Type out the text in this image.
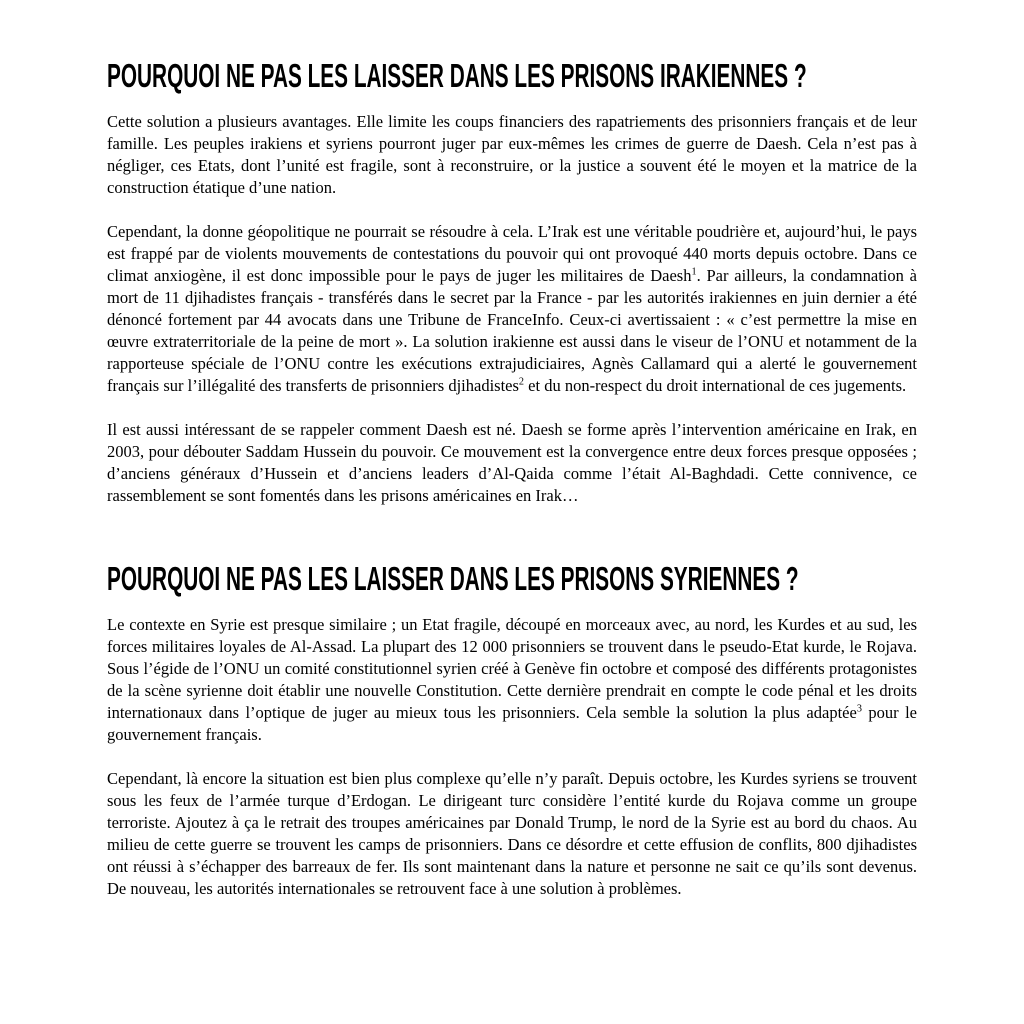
POURQUOI NE PAS LES LAISSER DANS LES PRISONS IRAKIENNES ?

Cette solution a plusieurs avantages. Elle limite les coups financiers des rapatriements des prisonniers français et de leur famille. Les peuples irakiens et syriens pourront juger par eux-mêmes les crimes de guerre de Daesh. Cela n’est pas à négliger, ces Etats, dont l’unité est fragile, sont à reconstruire, or la justice a souvent été le moyen et la matrice de la construction étatique d’une nation.

Cependant, la donne géopolitique ne pourrait se résoudre à cela. L’Irak est une véritable poudrière et, aujourd’hui, le pays est frappé par de violents mouvements de contestations du pouvoir qui ont provoqué 440 morts depuis octobre. Dans ce climat anxiogène, il est donc impossible pour le pays de juger les militaires de Daesh$^1$. Par ailleurs, la condamnation à mort de 11 djihadistes français - transférés dans le secret par la France - par les autorités irakiennes en juin dernier a été dénoncé fortement par 44 avocats dans une Tribune de FranceInfo. Ceux-ci avertissaient : « c’est permettre la mise en œuvre extraterritoriale de la peine de mort ». La solution irakienne est aussi dans le viseur de l’ONU et notamment de la rapporteuse spéciale de l’ONU contre les exécutions extrajudiciaires, Agnès Callamard qui a alerté le gouvernement français sur l’illégalité des transferts de prisonniers djihadistes$^2$ et du non-respect du droit international de ces jugements.

Il est aussi intéressant de se rappeler comment Daesh est né. Daesh se forme après l’intervention américaine en Irak, en 2003, pour débouter Saddam Hussein du pouvoir. Ce mouvement est la convergence entre deux forces presque opposées ; d’anciens généraux d’Hussein et d’anciens leaders d’Al-Qaida comme l’était Al-Baghdadi. Cette connivence, ce rassemblement se sont fomentés dans les prisons américaines en Irak…

POURQUOI NE PAS LES LAISSER DANS LES PRISONS SYRIENNES ?

Le contexte en Syrie est presque similaire ; un Etat fragile, découpé en morceaux avec, au nord, les Kurdes et au sud, les forces militaires loyales de Al-Assad. La plupart des 12 000 prisonniers se trouvent dans le pseudo-Etat kurde, le Rojava. Sous l’égide de l’ONU un comité constitutionnel syrien créé à Genève fin octobre et composé des différents protagonistes de la scène syrienne doit établir une nouvelle Constitution. Cette dernière prendrait en compte le code pénal et les droits internationaux dans l’optique de juger au mieux tous les prisonniers. Cela semble la solution la plus adaptée$^3$ pour le gouvernement français.

Cependant, là encore la situation est bien plus complexe qu’elle n’y paraît. Depuis octobre, les Kurdes syriens se trouvent sous les feux de l’armée turque d’Erdogan. Le dirigeant turc considère l’entité kurde du Rojava comme un groupe terroriste. Ajoutez à ça le retrait des troupes américaines par Donald Trump, le nord de la Syrie est au bord du chaos. Au milieu de cette guerre se trouvent les camps de prisonniers. Dans ce désordre et cette effusion de conflits, 800 djihadistes ont réussi à s’échapper des barreaux de fer. Ils sont maintenant dans la nature et personne ne sait ce qu’ils sont devenus. De nouveau, les autorités internationales se retrouvent face à une solution à problèmes.
